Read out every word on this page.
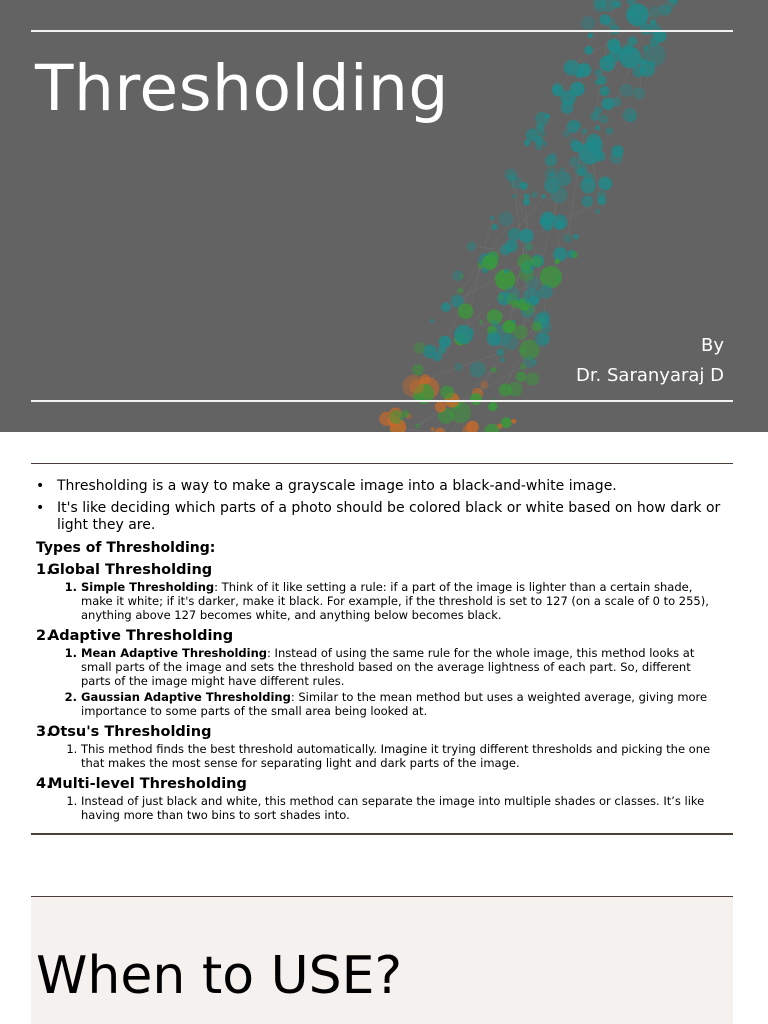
Thresholding
By
Dr. Saranyaraj D
• Thresholding is a way to make a grayscale image into a black-and-white image.
• It's like deciding which parts of a photo should be colored black or white based on how dark or light they are.
Types of Thresholding:
1.
Global Thresholding
1. Simple Thresholding: Think of it like setting a rule: if a part of the image is lighter than a certain shade, make it white; if it's darker, make it black. For example, if the threshold is set to 127 (on a scale of 0 to 255), anything above 127 becomes white, and anything below becomes black.
2.
Adaptive Thresholding
1. Mean Adaptive Thresholding: Instead of using the same rule for the whole image, this method looks at small parts of the image and sets the threshold based on the average lightness of each part. So, different parts of the image might have different rules.
2. Gaussian Adaptive Thresholding: Similar to the mean method but uses a weighted average, giving more importance to some parts of the small area being looked at.
3.
Otsu's Thresholding
1. This method finds the best threshold automatically. Imagine it trying different thresholds and picking the one that makes the most sense for separating light and dark parts of the image.
4.
Multi-level Thresholding
1. Instead of just black and white, this method can separate the image into multiple shades or classes. It’s like having more than two bins to sort shades into.
When to USE?
